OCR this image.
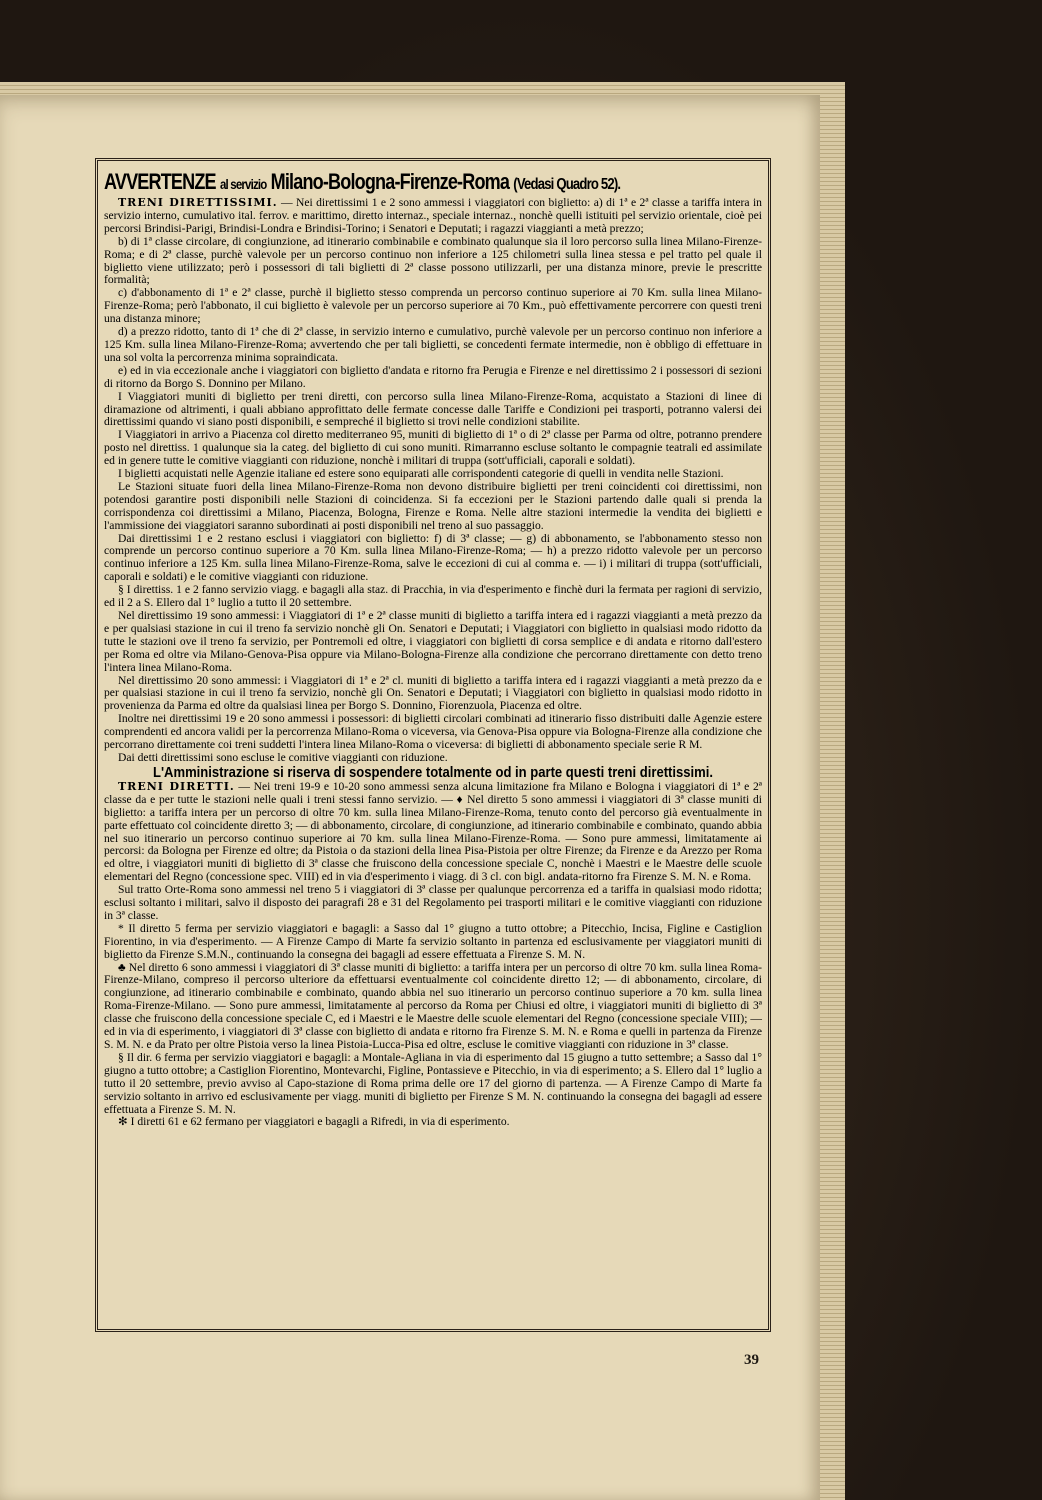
AVVERTENZE al servizio Milano-Bologna-Firenze-Roma (Vedasi Quadro 52).

TRENI DIRETTISSIMI. — Nei direttissimi 1 e 2 sono ammessi i viaggiatori con biglietto: a) di 1ª e 2ª classe a tariffa intera in servizio interno, cumulativo ital. ferrov. e marittimo, diretto internaz., speciale internaz., nonchè quelli istituiti pel servizio orientale, cioè pei percorsi Brindisi-Parigi, Brindisi-Londra e Brindisi-Torino; i Senatori e Deputati; i ragazzi viaggianti a metà prezzo;

b) di 1ª classe circolare, di congiunzione, ad itinerario combinabile e combinato qualunque sia il loro percorso sulla linea Milano-Firenze-Roma; e di 2ª classe, purchè valevole per un percorso continuo non inferiore a 125 chilometri sulla linea stessa e pel tratto pel quale il biglietto viene utilizzato; però i possessori di tali biglietti di 2ª classe possono utilizzarli, per una distanza minore, previe le prescritte formalità;

c) d'abbonamento di 1ª e 2ª classe, purchè il biglietto stesso comprenda un percorso continuo superiore ai 70 Km. sulla linea Milano-Firenze-Roma; però l'abbonato, il cui biglietto è valevole per un percorso superiore ai 70 Km., può effettivamente percorrere con questi treni una distanza minore;

d) a prezzo ridotto, tanto di 1ª che di 2ª classe, in servizio interno e cumulativo, purchè valevole per un percorso continuo non inferiore a 125 Km. sulla linea Milano-Firenze-Roma; avvertendo che per tali biglietti, se concedenti fermate intermedie, non è obbligo di effettuare in una sol volta la percorrenza minima sopraindicata.

e) ed in via eccezionale anche i viaggiatori con biglietto d'andata e ritorno fra Perugia e Firenze e nel direttissimo 2 i possessori di sezioni di ritorno da Borgo S. Donnino per Milano.

I Viaggiatori muniti di biglietto per treni diretti, con percorso sulla linea Milano-Firenze-Roma, acquistato a Stazioni di linee di diramazione od altrimenti, i quali abbiano approfittato delle fermate concesse dalle Tariffe e Condizioni pei trasporti, potranno valersi dei direttissimi quando vi siano posti disponibili, e sempreché il biglietto si trovi nelle condizioni stabilite.

I Viaggiatori in arrivo a Piacenza col diretto mediterraneo 95, muniti di biglietto di 1ª o di 2ª classe per Parma od oltre, potranno prendere posto nel direttiss. 1 qualunque sia la categ. del biglietto di cui sono muniti. Rimarranno escluse soltanto le compagnie teatrali ed assimilate ed in genere tutte le comitive viaggianti con riduzione, nonchè i militari di truppa (sott'ufficiali, caporali e soldati).

I biglietti acquistati nelle Agenzie italiane ed estere sono equiparati alle corrispondenti categorie di quelli in vendita nelle Stazioni.

Le Stazioni situate fuori della linea Milano-Firenze-Roma non devono distribuire biglietti per treni coincidenti coi direttissimi, non potendosi garantire posti disponibili nelle Stazioni di coincidenza. Si fa eccezioni per le Stazioni partendo dalle quali si prenda la corrispondenza coi direttissimi a Milano, Piacenza, Bologna, Firenze e Roma. Nelle altre stazioni intermedie la vendita dei biglietti e l'ammissione dei viaggiatori saranno subordinati ai posti disponibili nel treno al suo passaggio.

Dai direttissimi 1 e 2 restano esclusi i viaggiatori con biglietto: f) di 3ª classe; — g) di abbonamento, se l'abbonamento stesso non comprende un percorso continuo superiore a 70 Km. sulla linea Milano-Firenze-Roma; — h) a prezzo ridotto valevole per un percorso continuo inferiore a 125 Km. sulla linea Milano-Firenze-Roma, salve le eccezioni di cui al comma e. — i) i militari di truppa (sott'ufficiali, caporali e soldati) e le comitive viaggianti con riduzione.

§ I direttiss. 1 e 2 fanno servizio viagg. e bagagli alla staz. di Pracchia, in via d'esperimento e finchè duri la fermata per ragioni di servizio, ed il 2 a S. Ellero dal 1° luglio a tutto il 20 settembre.

Nel direttissimo 19 sono ammessi: i Viaggiatori di 1ª e 2ª classe muniti di biglietto a tariffa intera ed i ragazzi viaggianti a metà prezzo da e per qualsiasi stazione in cui il treno fa servizio nonchè gli On. Senatori e Deputati; i Viaggiatori con biglietto in qualsiasi modo ridotto da tutte le stazioni ove il treno fa servizio, per Pontremoli ed oltre, i viaggiatori con biglietti di corsa semplice e di andata e ritorno dall'estero per Roma ed oltre via Milano-Genova-Pisa oppure via Milano-Bologna-Firenze alla condizione che percorrano direttamente con detto treno l'intera linea Milano-Roma.

Nel direttissimo 20 sono ammessi: i Viaggiatori di 1ª e 2ª cl. muniti di biglietto a tariffa intera ed i ragazzi viaggianti a metà prezzo da e per qualsiasi stazione in cui il treno fa servizio, nonchè gli On. Senatori e Deputati; i Viaggiatori con biglietto in qualsiasi modo ridotto in provenienza da Parma ed oltre da qualsiasi linea per Borgo S. Donnino, Fiorenzuola, Piacenza ed oltre.

Inoltre nei direttissimi 19 e 20 sono ammessi i possessori: di biglietti circolari combinati ad itinerario fisso distribuiti dalle Agenzie estere comprendenti ed ancora validi per la percorrenza Milano-Roma o viceversa, via Genova-Pisa oppure via Bologna-Firenze alla condizione che percorrano direttamente coi treni suddetti l'intera linea Milano-Roma o viceversa: di biglietti di abbonamento speciale serie R M.

Dai detti direttissimi sono escluse le comitive viaggianti con riduzione.

L'Amministrazione si riserva di sospendere totalmente od in parte questi treni direttissimi.

TRENI DIRETTI. — Nei treni 19-9 e 10-20 sono ammessi senza alcuna limitazione fra Milano e Bologna i viaggiatori di 1ª e 2ª classe da e per tutte le stazioni nelle quali i treni stessi fanno servizio. — ♦ Nel diretto 5 sono ammessi i viaggiatori di 3ª classe muniti di biglietto: a tariffa intera per un percorso di oltre 70 km. sulla linea Milano-Firenze-Roma, tenuto conto del percorso già eventualmente in parte effettuato col coincidente diretto 3; — di abbonamento, circolare, di congiunzione, ad itinerario combinabile e combinato, quando abbia nel suo itinerario un percorso continuo superiore ai 70 km. sulla linea Milano-Firenze-Roma. — Sono pure ammessi, limitatamente ai percorsi: da Bologna per Firenze ed oltre; da Pistoia o da stazioni della linea Pisa-Pistoia per oltre Firenze; da Firenze e da Arezzo per Roma ed oltre, i viaggiatori muniti di biglietto di 3ª classe che fruiscono della concessione speciale C, nonchè i Maestri e le Maestre delle scuole elementari del Regno (concessione spec. VIII) ed in via d'esperimento i viagg. di 3 cl. con bigl. andata-ritorno fra Firenze S. M. N. e Roma.

Sul tratto Orte-Roma sono ammessi nel treno 5 i viaggiatori di 3ª classe per qualunque percorrenza ed a tariffa in qualsiasi modo ridotta; esclusi soltanto i militari, salvo il disposto dei paragrafi 28 e 31 del Regolamento pei trasporti militari e le comitive viaggianti con riduzione in 3ª classe.

* Il diretto 5 ferma per servizio viaggiatori e bagagli: a Sasso dal 1° giugno a tutto ottobre; a Pitecchio, Incisa, Figline e Castiglion Fiorentino, in via d'esperimento. — A Firenze Campo di Marte fa servizio soltanto in partenza ed esclusivamente per viaggiatori muniti di biglietto da Firenze S.M.N., continuando la consegna dei bagagli ad essere effettuata a Firenze S. M. N.

♣ Nel diretto 6 sono ammessi i viaggiatori di 3ª classe muniti di biglietto: a tariffa intera per un percorso di oltre 70 km. sulla linea Roma-Firenze-Milano, compreso il percorso ulteriore da effettuarsi eventualmente col coincidente diretto 12; — di abbonamento, circolare, di congiunzione, ad itinerario combinabile e combinato, quando abbia nel suo itinerario un percorso continuo superiore a 70 km. sulla linea Roma-Firenze-Milano. — Sono pure ammessi, limitatamente al percorso da Roma per Chiusi ed oltre, i viaggiatori muniti di biglietto di 3ª classe che fruiscono della concessione speciale C, ed i Maestri e le Maestre delle scuole elementari del Regno (concessione speciale VIII); — ed in via di esperimento, i viaggiatori di 3ª classe con biglietto di andata e ritorno fra Firenze S. M. N. e Roma e quelli in partenza da Firenze S. M. N. e da Prato per oltre Pistoia verso la linea Pistoia-Lucca-Pisa ed oltre, escluse le comitive viaggianti con riduzione in 3ª classe.

§ Il dir. 6 ferma per servizio viaggiatori e bagagli: a Montale-Agliana in via di esperimento dal 15 giugno a tutto settembre; a Sasso dal 1° giugno a tutto ottobre; a Castiglion Fiorentino, Montevarchi, Figline, Pontassieve e Pitecchio, in via di esperimento; a S. Ellero dal 1° luglio a tutto il 20 settembre, previo avviso al Capo-stazione di Roma prima delle ore 17 del giorno di partenza. — A Firenze Campo di Marte fa servizio soltanto in arrivo ed esclusivamente per viagg. muniti di biglietto per Firenze S M. N. continuando la consegna dei bagagli ad essere effettuata a Firenze S. M. N.

✻ I diretti 61 e 62 fermano per viaggiatori e bagagli a Rifredi, in via di esperimento.

39
